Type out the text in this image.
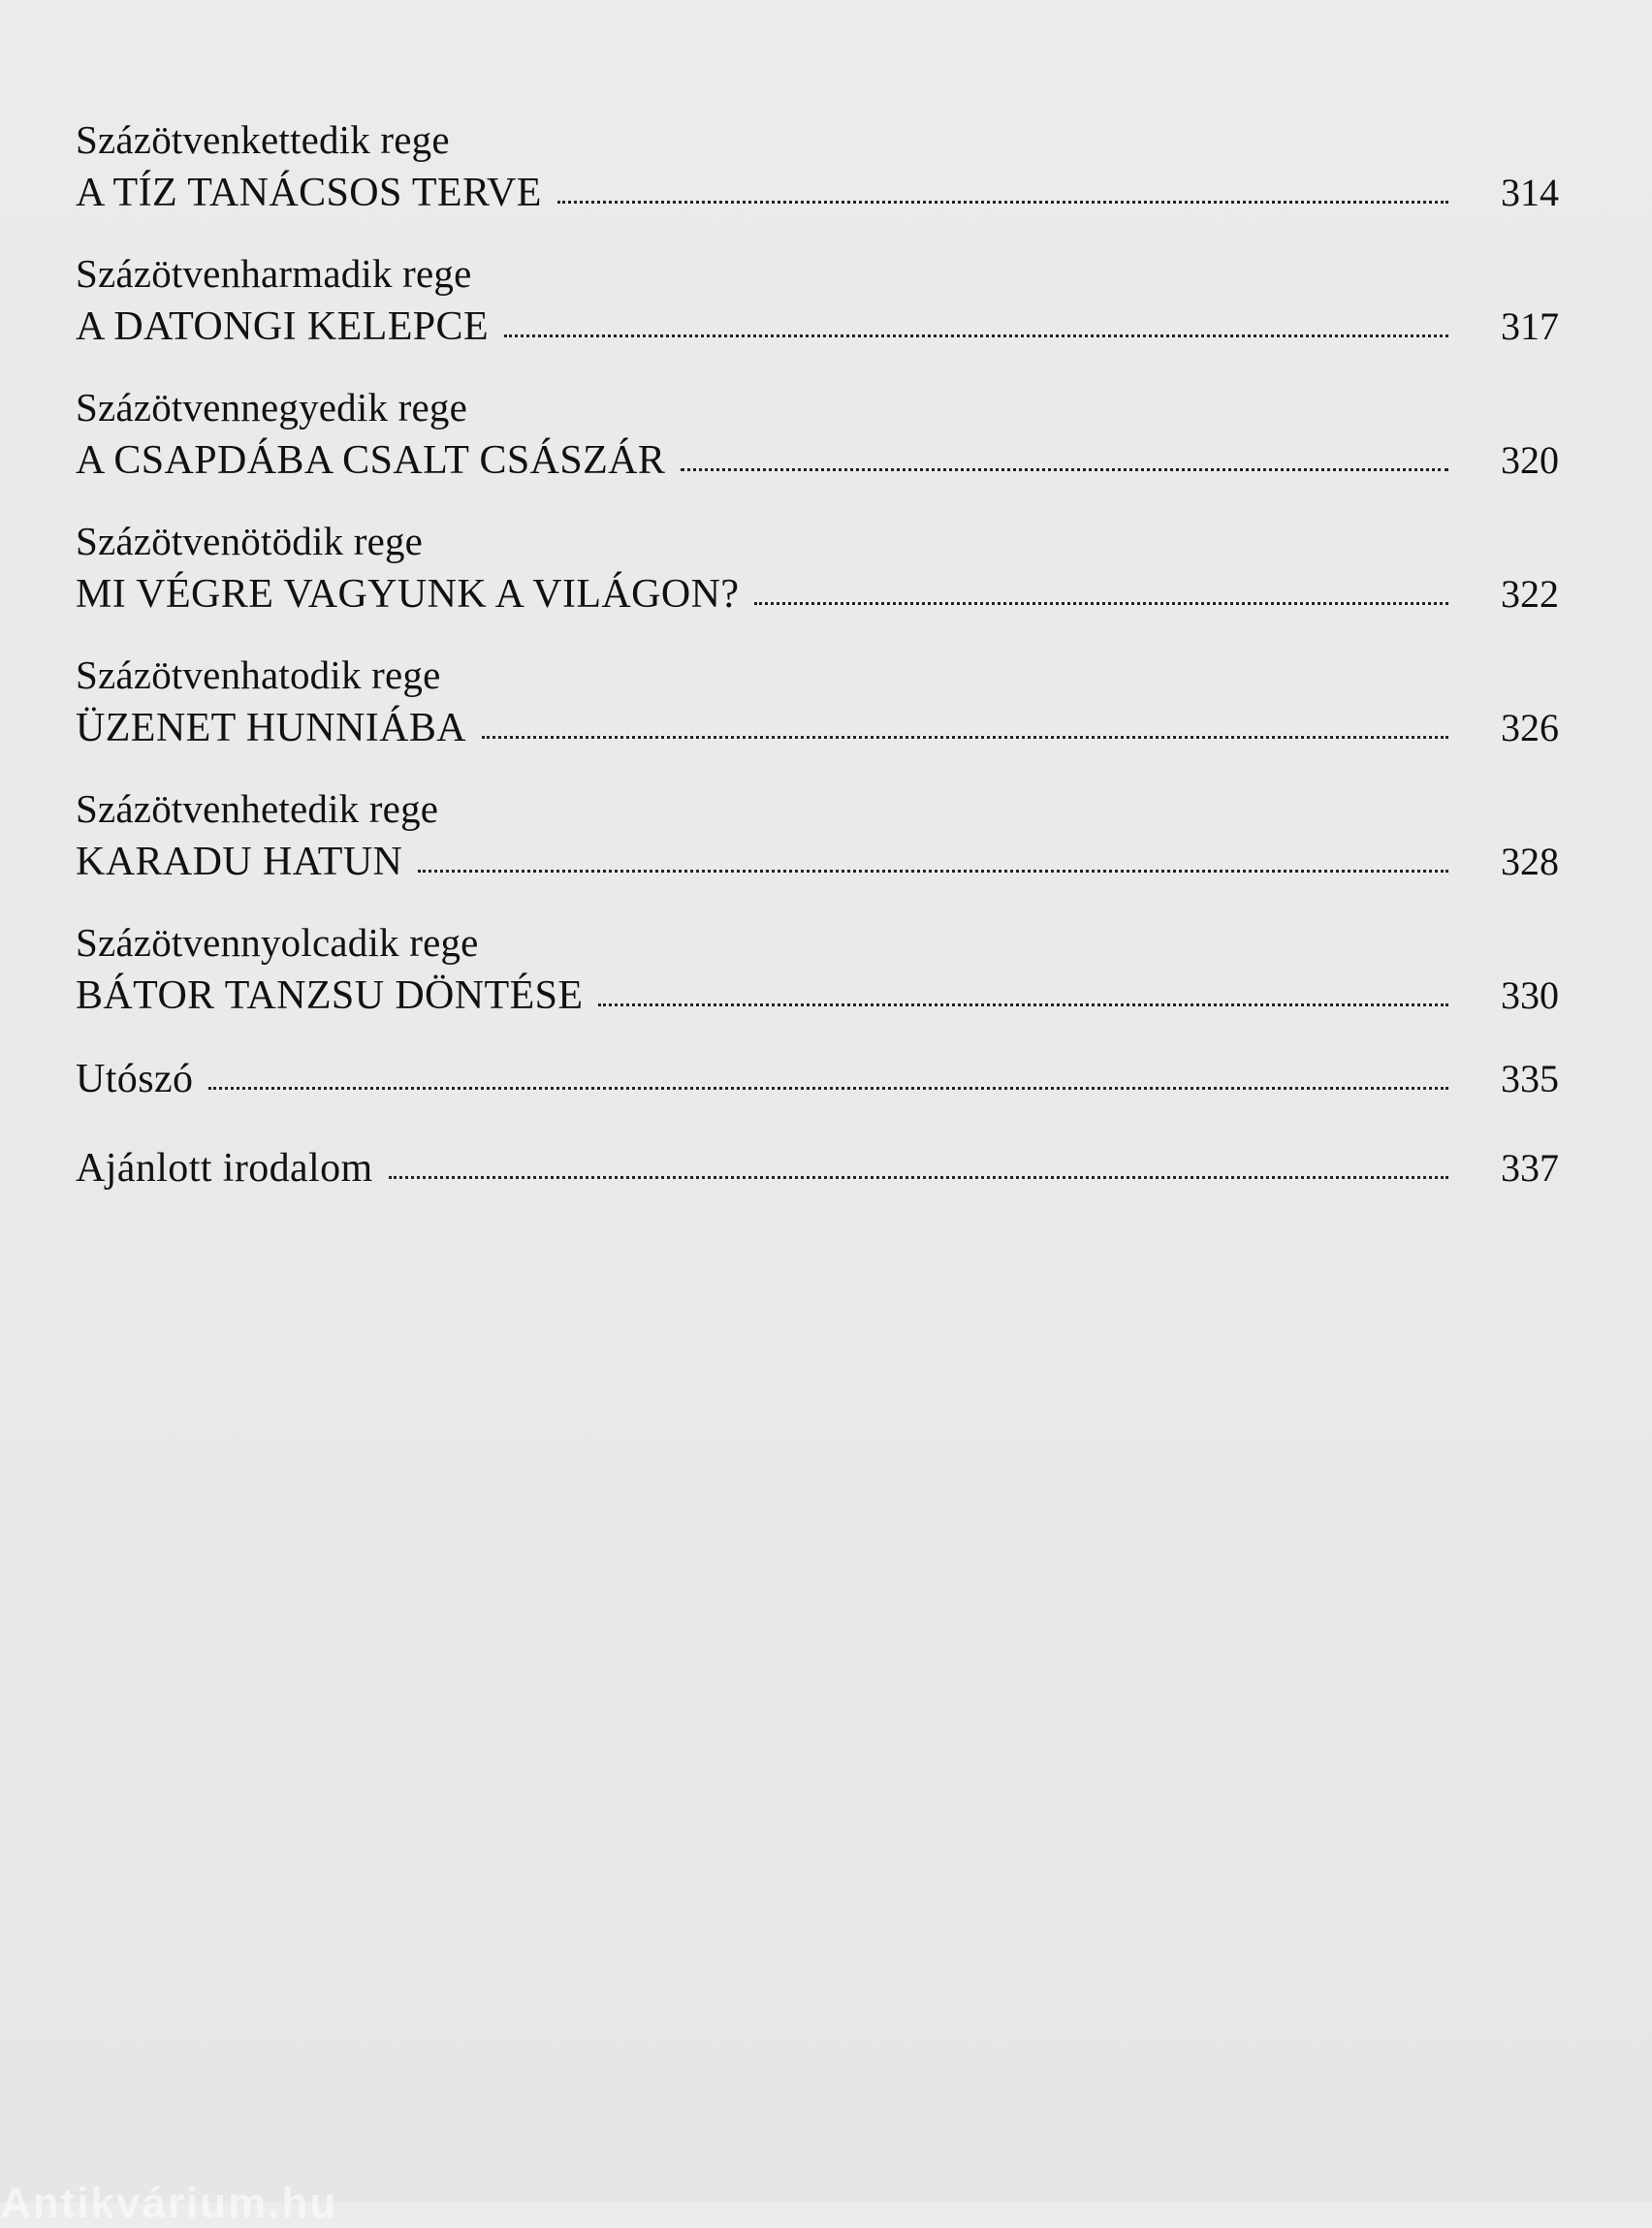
Százötvenkettedik rege
A TÍZ TANÁCSOS TERVE	314
Százötvenharmadik rege
A DATONGI KELEPCE	317
Százötvennegyedik rege
A CSAPDÁBA CSALT CSÁSZÁR	320
Százötvenötödik rege
MI VÉGRE VAGYUNK A VILÁGON?	322
Százötvenhatodik rege
ÜZENET HUNNIÁBA	326
Százötvenhetedik rege
KARADU HATUN	328
Százötvennyolcadik rege
BÁTOR TANZSU DÖNTÉSE	330
Utószó	335
Ajánlott irodalom	337
Antikvárium.hu
